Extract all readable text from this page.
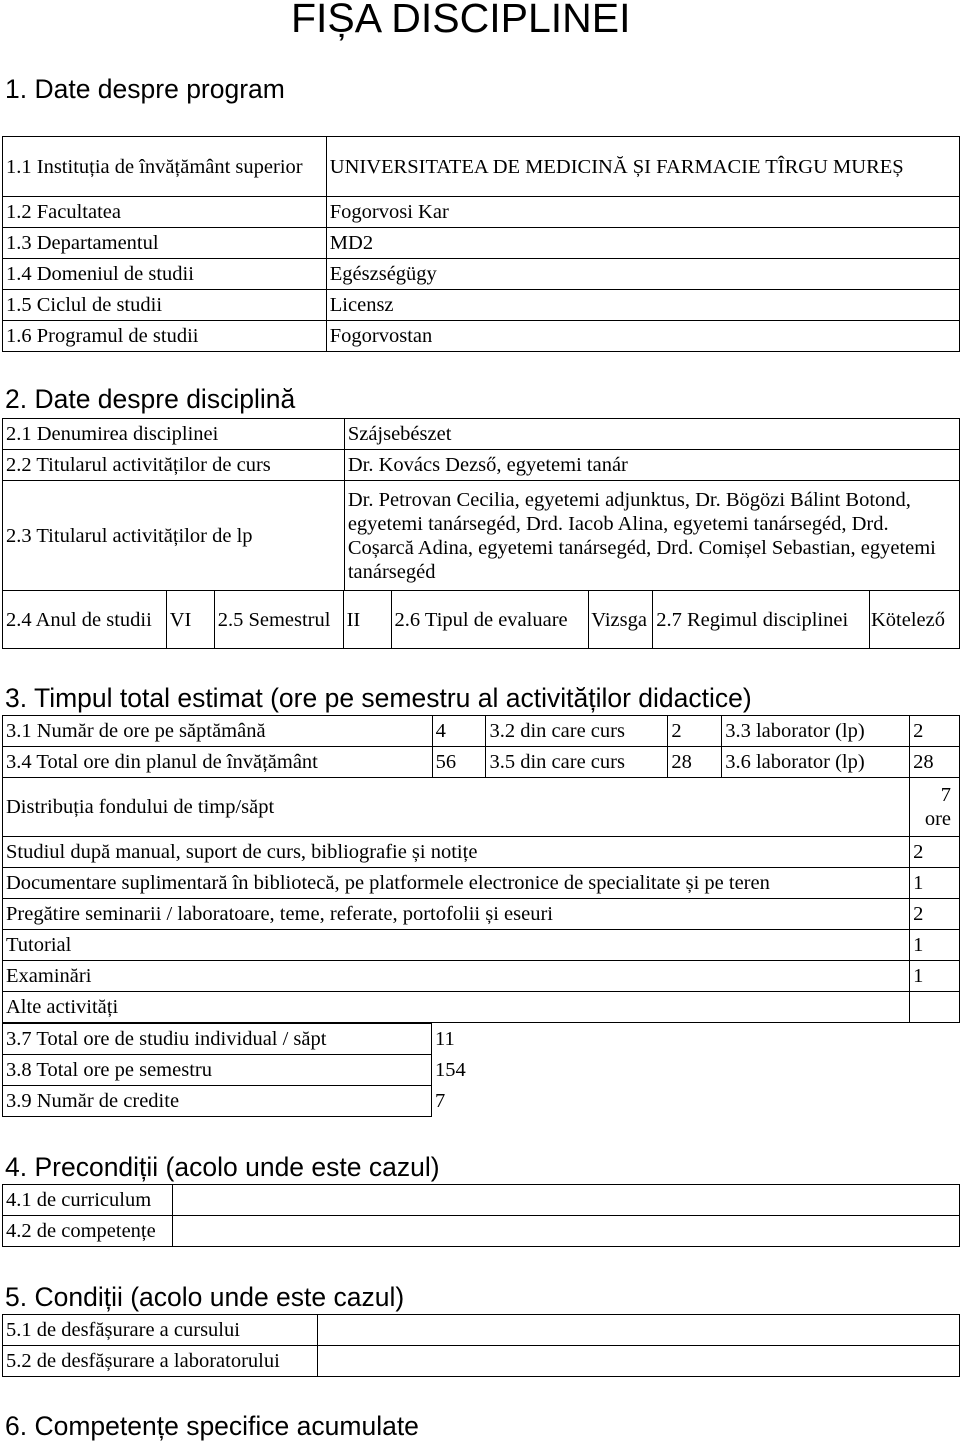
FIȘA DISCIPLINEI
1. Date despre program
1.1 Instituția de învățământ superior	UNIVERSITATEA DE MEDICINĂ ȘI FARMACIE TÎRGU MUREȘ
1.2 Facultatea	Fogorvosi Kar
1.3 Departamentul	MD2
1.4 Domeniul de studii	Egészségügy
1.5 Ciclul de studii	Licensz
1.6 Programul de studii	Fogorvostan
2. Date despre disciplină
2.1 Denumirea disciplinei	Szájsebészet
2.2 Titularul activităților de curs	Dr. Kovács Dezső, egyetemi tanár
2.3 Titularul activităților de lp	Dr. Petrovan Cecilia, egyetemi adjunktus, Dr. Bögözi Bálint Botond, egyetemi tanársegéd, Drd. Iacob Alina, egyetemi tanársegéd, Drd. Coșarcă Adina, egyetemi tanársegéd, Drd. Comișel Sebastian, egyetemi tanársegéd
2.4 Anul de studii	VI	2.5 Semestrul	II	2.6 Tipul de evaluare	Vizsga	2.7 Regimul disciplinei	Kötelező
3. Timpul total estimat (ore pe semestru al activităților didactice)
3.1 Număr de ore pe săptămână	4	3.2 din care curs	2	3.3 laborator (lp)	2
3.4 Total ore din planul de învățământ	56	3.5 din care curs	28	3.6 laborator (lp)	28
Distribuția fondului de timp/săpt	7 ore
Studiul după manual, suport de curs, bibliografie și notițe	2
Documentare suplimentară în bibliotecă, pe platformele electronice de specialitate și pe teren	1
Pregătire seminarii / laboratoare, teme, referate, portofolii și eseuri	2
Tutorial	1
Examinări	1
Alte activități	
3.7 Total ore de studiu individual / săpt	11
3.8 Total ore pe semestru	154
3.9 Număr de credite	7
4. Precondiții (acolo unde este cazul)
4.1 de curriculum	
4.2 de competențe	
5. Condiții (acolo unde este cazul)
5.1 de desfășurare a cursului	
5.2 de desfășurare a laboratorului	
6. Competențe specifice acumulate
